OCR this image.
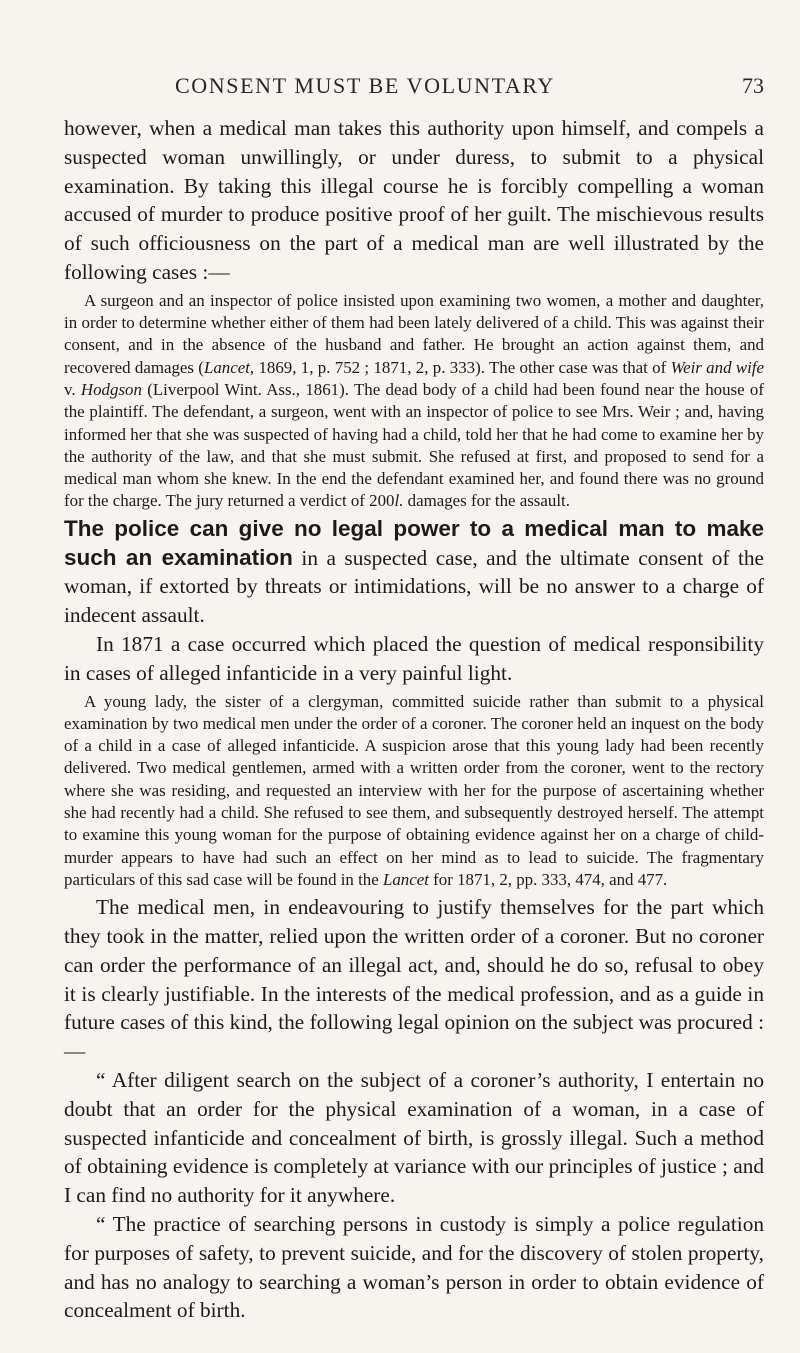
CONSENT MUST BE VOLUNTARY	73

however, when a medical man takes this authority upon himself, and compels a suspected woman unwillingly, or under duress, to submit to a physical examination. By taking this illegal course he is forcibly compelling a woman accused of murder to produce positive proof of her guilt. The mischievous results of such officiousness on the part of a medical man are well illustrated by the following cases :—

A surgeon and an inspector of police insisted upon examining two women, a mother and daughter, in order to determine whether either of them had been lately delivered of a child. This was against their consent, and in the absence of the husband and father. He brought an action against them, and recovered damages (Lancet, 1869, 1, p. 752 ; 1871, 2, p. 333). The other case was that of Weir and wife v. Hodgson (Liverpool Wint. Ass., 1861). The dead body of a child had been found near the house of the plaintiff. The defendant, a surgeon, went with an inspector of police to see Mrs. Weir ; and, having informed her that she was suspected of having had a child, told her that he had come to examine her by the authority of the law, and that she must submit. She refused at first, and proposed to send for a medical man whom she knew. In the end the defendant examined her, and found there was no ground for the charge. The jury returned a verdict of 200l. damages for the assault.

The police can give no legal power to a medical man to make such an examination in a suspected case, and the ultimate consent of the woman, if extorted by threats or intimidations, will be no answer to a charge of indecent assault.

In 1871 a case occurred which placed the question of medical responsibility in cases of alleged infanticide in a very painful light.

A young lady, the sister of a clergyman, committed suicide rather than submit to a physical examination by two medical men under the order of a coroner. The coroner held an inquest on the body of a child in a case of alleged infanticide. A suspicion arose that this young lady had been recently delivered. Two medical gentlemen, armed with a written order from the coroner, went to the rectory where she was residing, and requested an interview with her for the purpose of ascertaining whether she had recently had a child. She refused to see them, and subsequently destroyed herself. The attempt to examine this young woman for the purpose of obtaining evidence against her on a charge of child-murder appears to have had such an effect on her mind as to lead to suicide. The fragmentary particulars of this sad case will be found in the Lancet for 1871, 2, pp. 333, 474, and 477.

The medical men, in endeavouring to justify themselves for the part which they took in the matter, relied upon the written order of a coroner. But no coroner can order the performance of an illegal act, and, should he do so, refusal to obey it is clearly justifiable. In the interests of the medical profession, and as a guide in future cases of this kind, the following legal opinion on the subject was procured :—

“ After diligent search on the subject of a coroner’s authority, I entertain no doubt that an order for the physical examination of a woman, in a case of suspected infanticide and concealment of birth, is grossly illegal. Such a method of obtaining evidence is completely at variance with our principles of justice ; and I can find no authority for it anywhere.

“ The practice of searching persons in custody is simply a police regulation for purposes of safety, to prevent suicide, and for the discovery of stolen property, and has no analogy to searching a woman’s person in order to obtain evidence of concealment of birth.
